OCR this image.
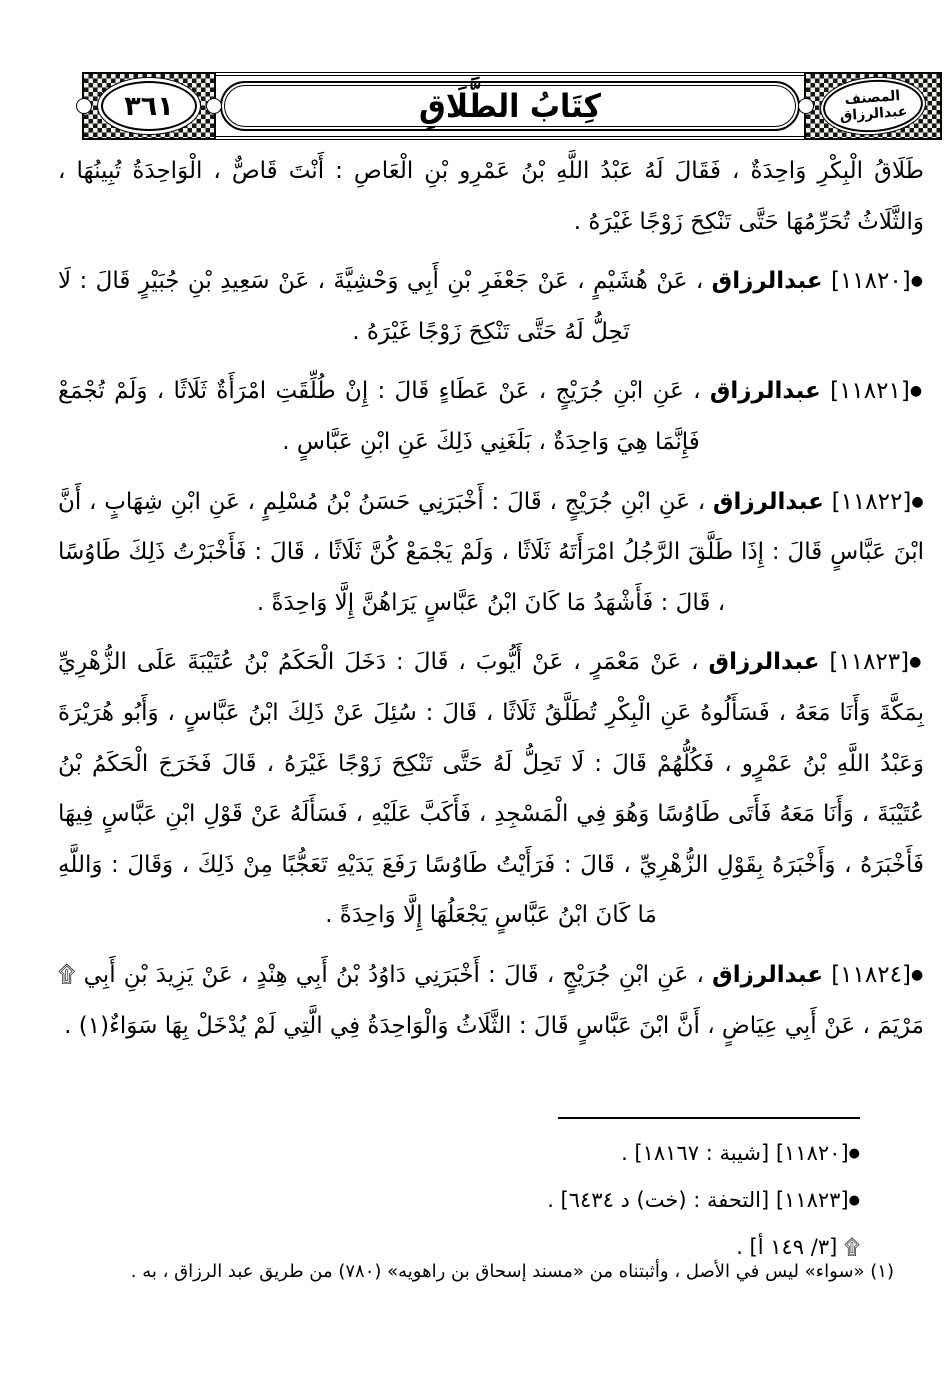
٣٦١	كِتَابُ الطَّلَاقِ	المصنف
عبدالرزاق

طَلَاقُ الْبِكْرِ وَاحِدَةٌ ، فَقَالَ لَهُ عَبْدُ اللَّهِ بْنُ عَمْرِو بْنِ الْعَاصِ : أَنْتَ قَاصٌّ ، الْوَاحِدَةُ تُبِينُهَا ، وَالثَّلَاثُ تُحَرِّمُهَا حَتَّى تَنْكِحَ زَوْجًا غَيْرَهُ .

●[١١٨٢٠] عبدالرزاق ، عَنْ هُشَيْمٍ ، عَنْ جَعْفَرِ بْنِ أَبِي وَحْشِيَّةَ ، عَنْ سَعِيدِ بْنِ جُبَيْرٍ قَالَ : لَا تَحِلُّ لَهُ حَتَّى تَنْكِحَ زَوْجًا غَيْرَهُ .

●[١١٨٢١] عبدالرزاق ، عَنِ ابْنِ جُرَيْجٍ ، عَنْ عَطَاءٍ قَالَ : إِنْ طُلِّقَتِ امْرَأَةٌ ثَلَاثًا ، وَلَمْ تُجْمَعْ فَإِنَّمَا هِيَ وَاحِدَةٌ ، بَلَغَنِي ذَلِكَ عَنِ ابْنِ عَبَّاسٍ .

●[١١٨٢٢] عبدالرزاق ، عَنِ ابْنِ جُرَيْجٍ ، قَالَ : أَخْبَرَنِي حَسَنُ بْنُ مُسْلِمٍ ، عَنِ ابْنِ شِهَابٍ ، أَنَّ ابْنَ عَبَّاسٍ قَالَ : إِذَا طَلَّقَ الرَّجُلُ امْرَأَتَهُ ثَلَاثًا ، وَلَمْ يَجْمَعْ كُنَّ ثَلَاثًا ، قَالَ : فَأَخْبَرْتُ ذَلِكَ طَاوُسًا ، قَالَ : فَأَشْهَدُ مَا كَانَ ابْنُ عَبَّاسٍ يَرَاهُنَّ إِلَّا وَاحِدَةً .

●[١١٨٢٣] عبدالرزاق ، عَنْ مَعْمَرٍ ، عَنْ أَيُّوبَ ، قَالَ : دَخَلَ الْحَكَمُ بْنُ عُتَيْبَةَ عَلَى الزُّهْرِيِّ بِمَكَّةَ وَأَنَا مَعَهُ ، فَسَأَلُوهُ عَنِ الْبِكْرِ تُطَلَّقُ ثَلَاثًا ، قَالَ : سُئِلَ عَنْ ذَلِكَ ابْنُ عَبَّاسٍ ، وَأَبُو هُرَيْرَةَ وَعَبْدُ اللَّهِ بْنُ عَمْرٍو ، فَكُلُّهُمْ قَالَ : لَا تَحِلُّ لَهُ حَتَّى تَنْكِحَ زَوْجًا غَيْرَهُ ، قَالَ فَخَرَجَ الْحَكَمُ بْنُ عُتَيْبَةَ ، وَأَنَا مَعَهُ فَأَتَى طَاوُسًا وَهُوَ فِي الْمَسْجِدِ ، فَأَكَبَّ عَلَيْهِ ، فَسَأَلَهُ عَنْ قَوْلِ ابْنِ عَبَّاسٍ فِيهَا فَأَخْبَرَهُ ، وَأَخْبَرَهُ بِقَوْلِ الزُّهْرِيِّ ، قَالَ : فَرَأَيْتُ طَاوُسًا رَفَعَ يَدَيْهِ تَعَجُّبًا مِنْ ذَلِكَ ، وَقَالَ : وَاللَّهِ مَا كَانَ ابْنُ عَبَّاسٍ يَجْعَلُهَا إِلَّا وَاحِدَةً .

●[١١٨٢٤] عبدالرزاق ، عَنِ ابْنِ جُرَيْجٍ ، قَالَ : أَخْبَرَنِي دَاوُدُ بْنُ أَبِي هِنْدٍ ، عَنْ يَزِيدَ بْنِ أَبِي ۩ مَرْيَمَ ، عَنْ أَبِي عِيَاضٍ ، أَنَّ ابْنَ عَبَّاسٍ قَالَ : الثَّلَاثُ وَالْوَاحِدَةُ فِي الَّتِي لَمْ يُدْخَلْ بِهَا سَوَاءٌ(١) .

●[١١٨٢٠] [شيبة : ١٨١٦٧] .
●[١١٨٢٣] [التحفة : (خت) د ٦٤٣٤] .
۩ [٣/ ١٤٩ أ] .

(١) «سواء» ليس في الأصل ، وأثبتناه من «مسند إسحاق بن راهويه» (٧٨٠) من طريق عبد الرزاق ، به .
